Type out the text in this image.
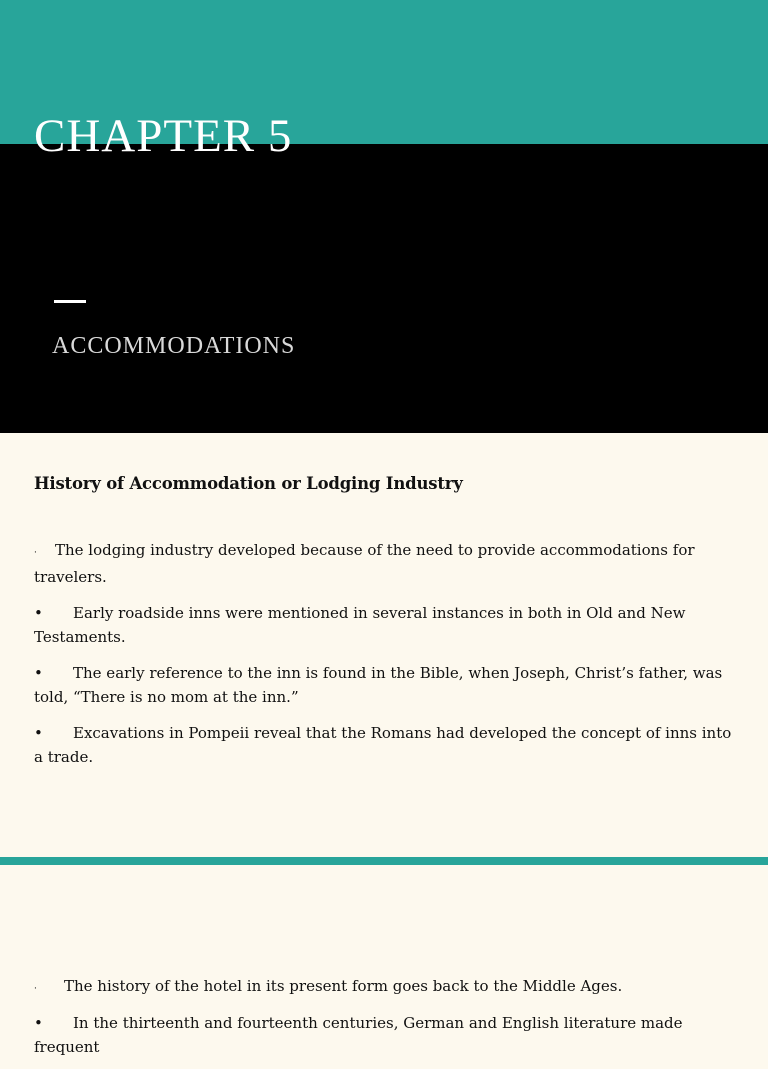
CHAPTER 5
ACCOMMODATIONS
History of Accommodation or Lodging Industry
· The lodging industry developed because of the need to provide accommodations for travelers.
• Early roadside inns were mentioned in several instances in both in Old and New Testaments.
• The early reference to the inn is found in the Bible, when Joseph, Christ’s father, was told, “There is no mom at the inn.”
• Excavations in Pompeii reveal that the Romans had developed the concept of inns into a trade.
· The history of the hotel in its present form goes back to the Middle Ages.
• In the thirteenth and fourteenth centuries, German and English literature made frequent
